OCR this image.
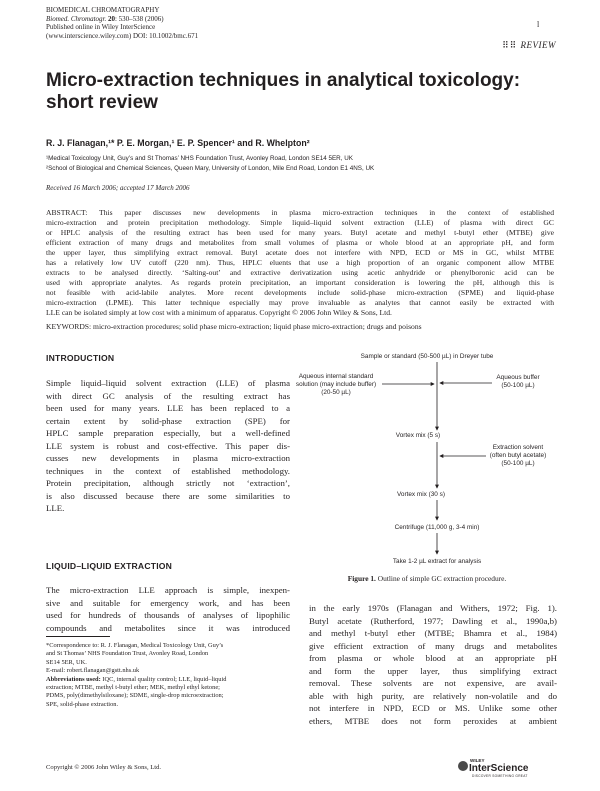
BIOMEDICAL CHROMATOGRAPHY
Biomed. Chromatogr. 20: 530–538 (2006)
Published online in Wiley InterScience
(www.interscience.wiley.com) DOI: 10.1002/bmc.671
l
⠿⠿ REVIEW
Micro-extraction techniques in analytical toxicology:
short review
R. J. Flanagan,¹* P. E. Morgan,¹ E. P. Spencer¹ and R. Whelpton²
¹Medical Toxicology Unit, Guy’s and St Thomas’ NHS Foundation Trust, Avonley Road, London SE14 5ER, UK
²School of Biological and Chemical Sciences, Queen Mary, University of London, Mile End Road, London E1 4NS, UK
Received 16 March 2006; accepted 17 March 2006
ABSTRACT: This paper discusses new developments in plasma micro-extraction techniques in the context of established
micro-extraction and protein precipitation methodology. Simple liquid–liquid solvent extraction (LLE) of plasma with direct GC
or HPLC analysis of the resulting extract has been used for many years. Butyl acetate and methyl t-butyl ether (MTBE) give
efficient extraction of many drugs and metabolites from small volumes of plasma or whole blood at an appropriate pH, and form
the upper layer, thus simplifying extract removal. Butyl acetate does not interfere with NPD, ECD or MS in GC, whilst MTBE
has a relatively low UV cutoff (220 nm). Thus, HPLC eluents that use a high proportion of an organic component allow MTBE
extracts to be analysed directly. ‘Salting-out’ and extractive derivatization using acetic anhydride or phenylboronic acid can be
used with appropriate analytes. As regards protein precipitation, an important consideration is lowering the pH, although this is
not feasible with acid-labile analytes. More recent developments include solid-phase micro-extraction (SPME) and liquid-phase
micro-extraction (LPME). This latter technique especially may prove invaluable as analytes that cannot easily be extracted with
LLE can be isolated simply at low cost with a minimum of apparatus. Copyright © 2006 John Wiley & Sons, Ltd.
KEYWORDS: micro-extraction procedures; solid phase micro-extraction; liquid phase micro-extraction; drugs and poisons
INTRODUCTION
Simple liquid–liquid solvent extraction (LLE) of plasma
with direct GC analysis of the resulting extract has
been used for many years. LLE has been replaced to a
certain extent by solid-phase extraction (SPE) for
HPLC sample preparation especially, but a well-defined
LLE system is robust and cost-effective. This paper dis-
cusses new developments in plasma micro-extraction
techniques in the context of established methodology.
Protein precipitation, although strictly not ‘extraction’,
is also discussed because there are some similarities to
LLE.
LIQUID–LIQUID EXTRACTION
The micro-extraction LLE approach is simple, inexpen-
sive and suitable for emergency work, and has been
used for hundreds of thousands of analyses of lipophilic
compounds and metabolites since it was introduced
Sample or standard (50-500 µL) in Dreyer tube
Aqueous internal standard
solution (may include buffer)
(20-50 µL)
Aqueous buffer
(50-100 µL)
Vortex mix (5 s)
Extraction solvent
(often butyl acetate)
(50-100 µL)
Vortex mix (30 s)
Centrifuge (11,000 g, 3-4 min)
Take 1-2 µL extract for analysis
Figure 1. Outline of simple GC extraction procedure.
in the early 1970s (Flanagan and Withers, 1972; Fig. 1).
Butyl acetate (Rutherford, 1977; Dawling et al., 1990a,b)
and methyl t-butyl ether (MTBE; Bhamra et al., 1984)
give efficient extraction of many drugs and metabolites
from plasma or whole blood at an appropriate pH
and form the upper layer, thus simplifying extract
removal. These solvents are not expensive, are avail-
able with high purity, are relatively non-volatile and do
not interfere in NPD, ECD or MS. Unlike some other
ethers, MTBE does not form peroxides at ambient
*Correspondence to: R. J. Flanagan, Medical Toxicology Unit, Guy’s
and St Thomas’ NHS Foundation Trust, Avonley Road, London
SE14 5ER, UK.
E-mail: robert.flanagan@gstt.nhs.uk
Abbreviations used: IQC, internal quality control; LLE, liquid–liquid
extraction; MTBE, methyl t-butyl ether; MEK, methyl ethyl ketone;
PDMS, poly(dimethylsiloxane); SDME, single-drop microextraction;
SPE, solid-phase extraction.
Copyright © 2006 John Wiley & Sons, Ltd.
WILEY
InterScience
DISCOVER SOMETHING GREAT
